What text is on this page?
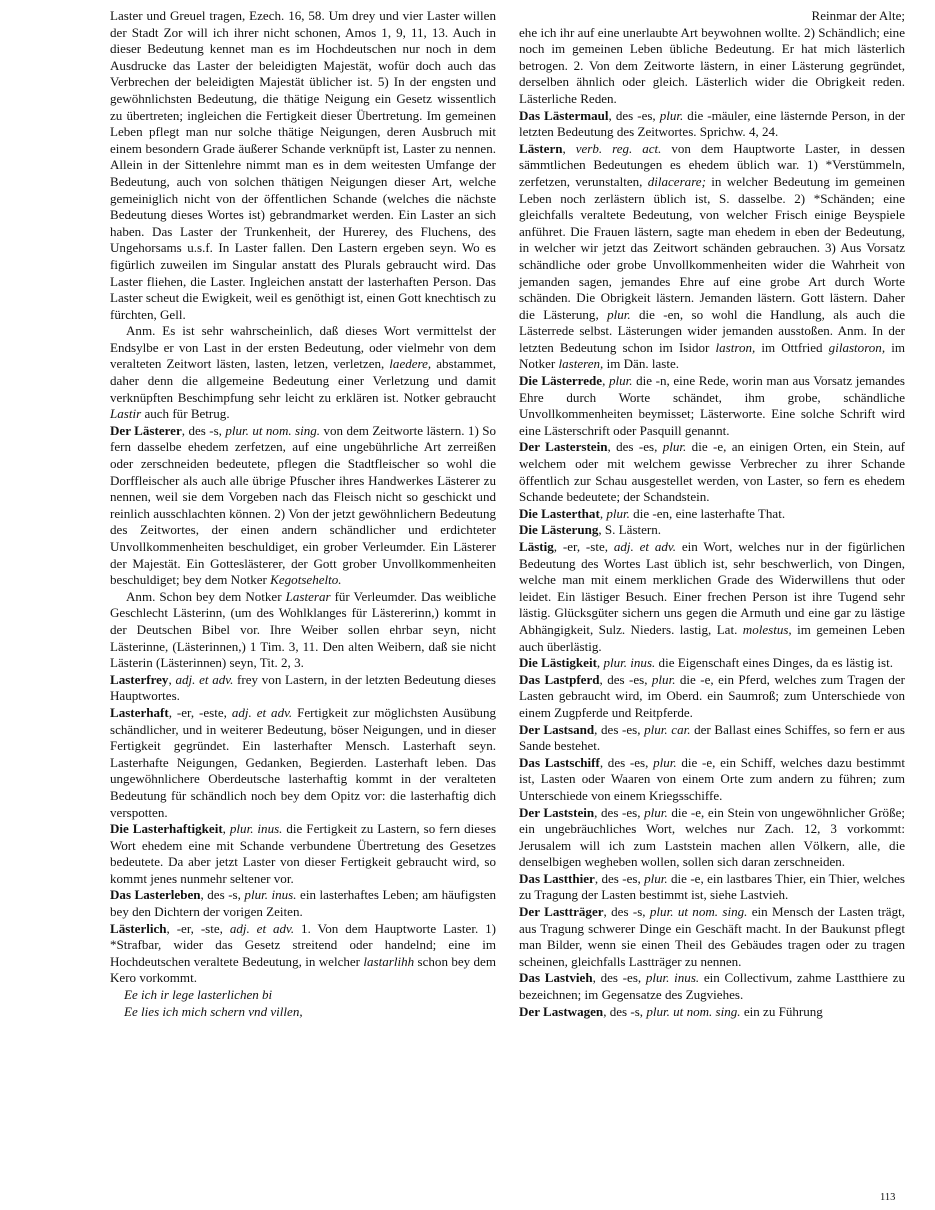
Laster und Greuel tragen, Ezech. 16, 58. Um drey und vier Laster willen der Stadt Zor will ich ihrer nicht schonen, Amos 1, 9, 11, 13. Auch in dieser Bedeutung kennet man es im Hochdeutschen nur noch in dem Ausdrucke das Laster der beleidigten Majestät, wofür doch auch das Verbrechen der beleidigten Majestät üblicher ist. 5) In der engsten und gewöhnlichsten Bedeutung, die thätige Neigung ein Gesetz wissentlich zu übertreten; ingleichen die Fertigkeit dieser Übertretung. Im gemeinen Leben pflegt man nur solche thätige Neigungen, deren Ausbruch mit einem besondern Grade äußerer Schande verknüpft ist, Laster zu nennen. Allein in der Sittenlehre nimmt man es in dem weitesten Umfange der Bedeutung, auch von solchen thätigen Neigungen dieser Art, welche gemeiniglich nicht von der öffentlichen Schande (welches die nächste Bedeutung dieses Wortes ist) gebrandmarket werden. Ein Laster an sich haben. Das Laster der Trunkenheit, der Hurerey, des Fluchens, des Ungehorsams u.s.f. In Laster fallen. Den Lastern ergeben seyn. Wo es figürlich zuweilen im Singular anstatt des Plurals gebraucht wird. Das Laster fliehen, die Laster. Ingleichen anstatt der lasterhaften Person. Das Laster scheut die Ewigkeit, weil es genöthigt ist, einen Gott knechtisch zu fürchten, Gell.

Anm. Es ist sehr wahrscheinlich, daß dieses Wort vermittelst der Endsylbe er von Last in der ersten Bedeutung, oder vielmehr von dem veralteten Zeitwort lästen, lasten, letzen, verletzen, laedere, abstammet, daher denn die allgemeine Bedeutung einer Verletzung und damit verknüpften Beschimpfung sehr leicht zu erklären ist. Notker gebraucht Lastir auch für Betrug.

Der Lästerer, des -s, plur. ut nom. sing. von dem Zeitworte lästern. 1) So fern dasselbe ehedem zerfetzen, auf eine ungebührliche Art zerreißen oder zerschneiden bedeutete, pflegen die Stadtfleischer so wohl die Dorffleischer als auch alle übrige Pfuscher ihres Handwerkes Lästerer zu nennen, weil sie dem Vorgeben nach das Fleisch nicht so geschickt und reinlich ausschlachten können. 2) Von der jetzt gewöhnlichern Bedeutung des Zeitwortes, der einen andern schändlicher und erdichteter Unvollkommenheiten beschuldiget, ein grober Verleumder. Ein Lästerer der Majestät. Ein Gotteslästerer, der Gott grober Unvollkommenheiten beschuldiget; bey dem Notker Kegotsehelto.

Anm. Schon bey dem Notker Lasterar für Verleumder. Das weibliche Geschlecht Lästerinn, (um des Wohlklanges für Lästererinn,) kommt in der Deutschen Bibel vor. Ihre Weiber sollen ehrbar seyn, nicht Lästerinne, (Lästerinnen,) 1 Tim. 3, 11. Den alten Weibern, daß sie nicht Lästerin (Lästerinnen) seyn, Tit. 2, 3.

Lasterfrey, adj. et adv. frey von Lastern, in der letzten Bedeutung dieses Hauptwortes.

Lasterhaft, -er, -este, adj. et adv. Fertigkeit zur möglichsten Ausübung schändlicher, und in weiterer Bedeutung, böser Neigungen, und in dieser Fertigkeit gegründet. Ein lasterhafter Mensch. Lasterhaft seyn. Lasterhafte Neigungen, Gedanken, Begierden. Lasterhaft leben. Das ungewöhnlichere Oberdeutsche lasterhaftig kommt in der veralteten Bedeutung für schändlich noch bey dem Opitz vor: die lasterhaftig dich verspotten.

Die Lasterhaftigkeit, plur. inus. die Fertigkeit zu Lastern, so fern dieses Wort ehedem eine mit Schande verbundene Übertretung des Gesetzes bedeutete. Da aber jetzt Laster von dieser Fertigkeit gebraucht wird, so kommt jenes nunmehr seltener vor.

Das Lasterleben, des -s, plur. inus. ein lasterhaftes Leben; am häufigsten bey den Dichtern der vorigen Zeiten.

Lästerlich, -er, -ste, adj. et adv. 1. Von dem Hauptworte Laster. 1) *Strafbar, wider das Gesetz streitend oder handelnd; eine im Hochdeutschen veraltete Bedeutung, in welcher lastarlihh schon bey dem Kero vorkommt.

Ee ich ir lege lasterlichen bi

Ee lies ich mich schern vnd villen,

Reinmar der Alte;

ehe ich ihr auf eine unerlaubte Art beywohnen wollte. 2) Schändlich; eine noch im gemeinen Leben übliche Bedeutung. Er hat mich lästerlich betrogen. 2. Von dem Zeitworte lästern, in einer Lästerung gegründet, derselben ähnlich oder gleich. Lästerlich wider die Obrigkeit reden. Lästerliche Reden.

Das Lästermaul, des -es, plur. die -mäuler, eine lästernde Person, in der letzten Bedeutung des Zeitwortes. Sprichw. 4, 24.

Lästern, verb. reg. act. von dem Hauptworte Laster, in dessen sämmtlichen Bedeutungen es ehedem üblich war. 1) *Verstümmeln, zerfetzen, verunstalten, dilacerare; in welcher Bedeutung im gemeinen Leben noch zerlästern üblich ist, S. dasselbe. 2) *Schänden; eine gleichfalls veraltete Bedeutung, von welcher Frisch einige Beyspiele anführet. Die Frauen lästern, sagte man ehedem in eben der Bedeutung, in welcher wir jetzt das Zeitwort schänden gebrauchen. 3) Aus Vorsatz schändliche oder grobe Unvollkommenheiten wider die Wahrheit von jemanden sagen, jemandes Ehre auf eine grobe Art durch Worte schänden. Die Obrigkeit lästern. Jemanden lästern. Gott lästern. Daher die Lästerung, plur. die -en, so wohl die Handlung, als auch die Lästerrede selbst. Lästerungen wider jemanden ausstoßen. Anm. In der letzten Bedeutung schon im Isidor lastron, im Ottfried gilastoron, im Notker lasteren, im Dän. laste.

Die Lästerrede, plur. die -n, eine Rede, worin man aus Vorsatz jemandes Ehre durch Worte schändet, ihm grobe, schändliche Unvollkommenheiten beymisset; Lästerworte. Eine solche Schrift wird eine Lästerschrift oder Pasquill genannt.

Der Lasterstein, des -es, plur. die -e, an einigen Orten, ein Stein, auf welchem oder mit welchem gewisse Verbrecher zu ihrer Schande öffentlich zur Schau ausgestellet werden, von Laster, so fern es ehedem Schande bedeutete; der Schandstein.

Die Lasterthat, plur. die -en, eine lasterhafte That.

Die Lästerung, S. Lästern.

Lästig, -er, -ste, adj. et adv. ein Wort, welches nur in der figürlichen Bedeutung des Wortes Last üblich ist, sehr beschwerlich, von Dingen, welche man mit einem merklichen Grade des Widerwillens thut oder leidet. Ein lästiger Besuch. Einer frechen Person ist ihre Tugend sehr lästig. Glücksgüter sichern uns gegen die Armuth und eine gar zu lästige Abhängigkeit, Sulz. Nieders. lastig, Lat. molestus, im gemeinen Leben auch überlästig.

Die Lästigkeit, plur. inus. die Eigenschaft eines Dinges, da es lästig ist.

Das Lastpferd, des -es, plur. die -e, ein Pferd, welches zum Tragen der Lasten gebraucht wird, im Oberd. ein Saumroß; zum Unterschiede von einem Zugpferde und Reitpferde.

Der Lastsand, des -es, plur. car. der Ballast eines Schiffes, so fern er aus Sande bestehet.

Das Lastschiff, des -es, plur. die -e, ein Schiff, welches dazu bestimmt ist, Lasten oder Waaren von einem Orte zum andern zu führen; zum Unterschiede von einem Kriegsschiffe.

Der Laststein, des -es, plur. die -e, ein Stein von ungewöhnlicher Größe; ein ungebräuchliches Wort, welches nur Zach. 12, 3 vorkommt: Jerusalem will ich zum Laststein machen allen Völkern, alle, die denselbigen wegheben wollen, sollen sich daran zerschneiden.

Das Lastthier, des -es, plur. die -e, ein lastbares Thier, ein Thier, welches zu Tragung der Lasten bestimmt ist, siehe Lastvieh.

Der Lastträger, des -s, plur. ut nom. sing. ein Mensch der Lasten trägt, aus Tragung schwerer Dinge ein Geschäft macht. In der Baukunst pflegt man Bilder, wenn sie einen Theil des Gebäudes tragen oder zu tragen scheinen, gleichfalls Lastträger zu nennen.

Das Lastvieh, des -es, plur. inus. ein Collectivum, zahme Lastthiere zu bezeichnen; im Gegensatze des Zugviehes.

Der Lastwagen, des -s, plur. ut nom. sing. ein zu Führung

113
